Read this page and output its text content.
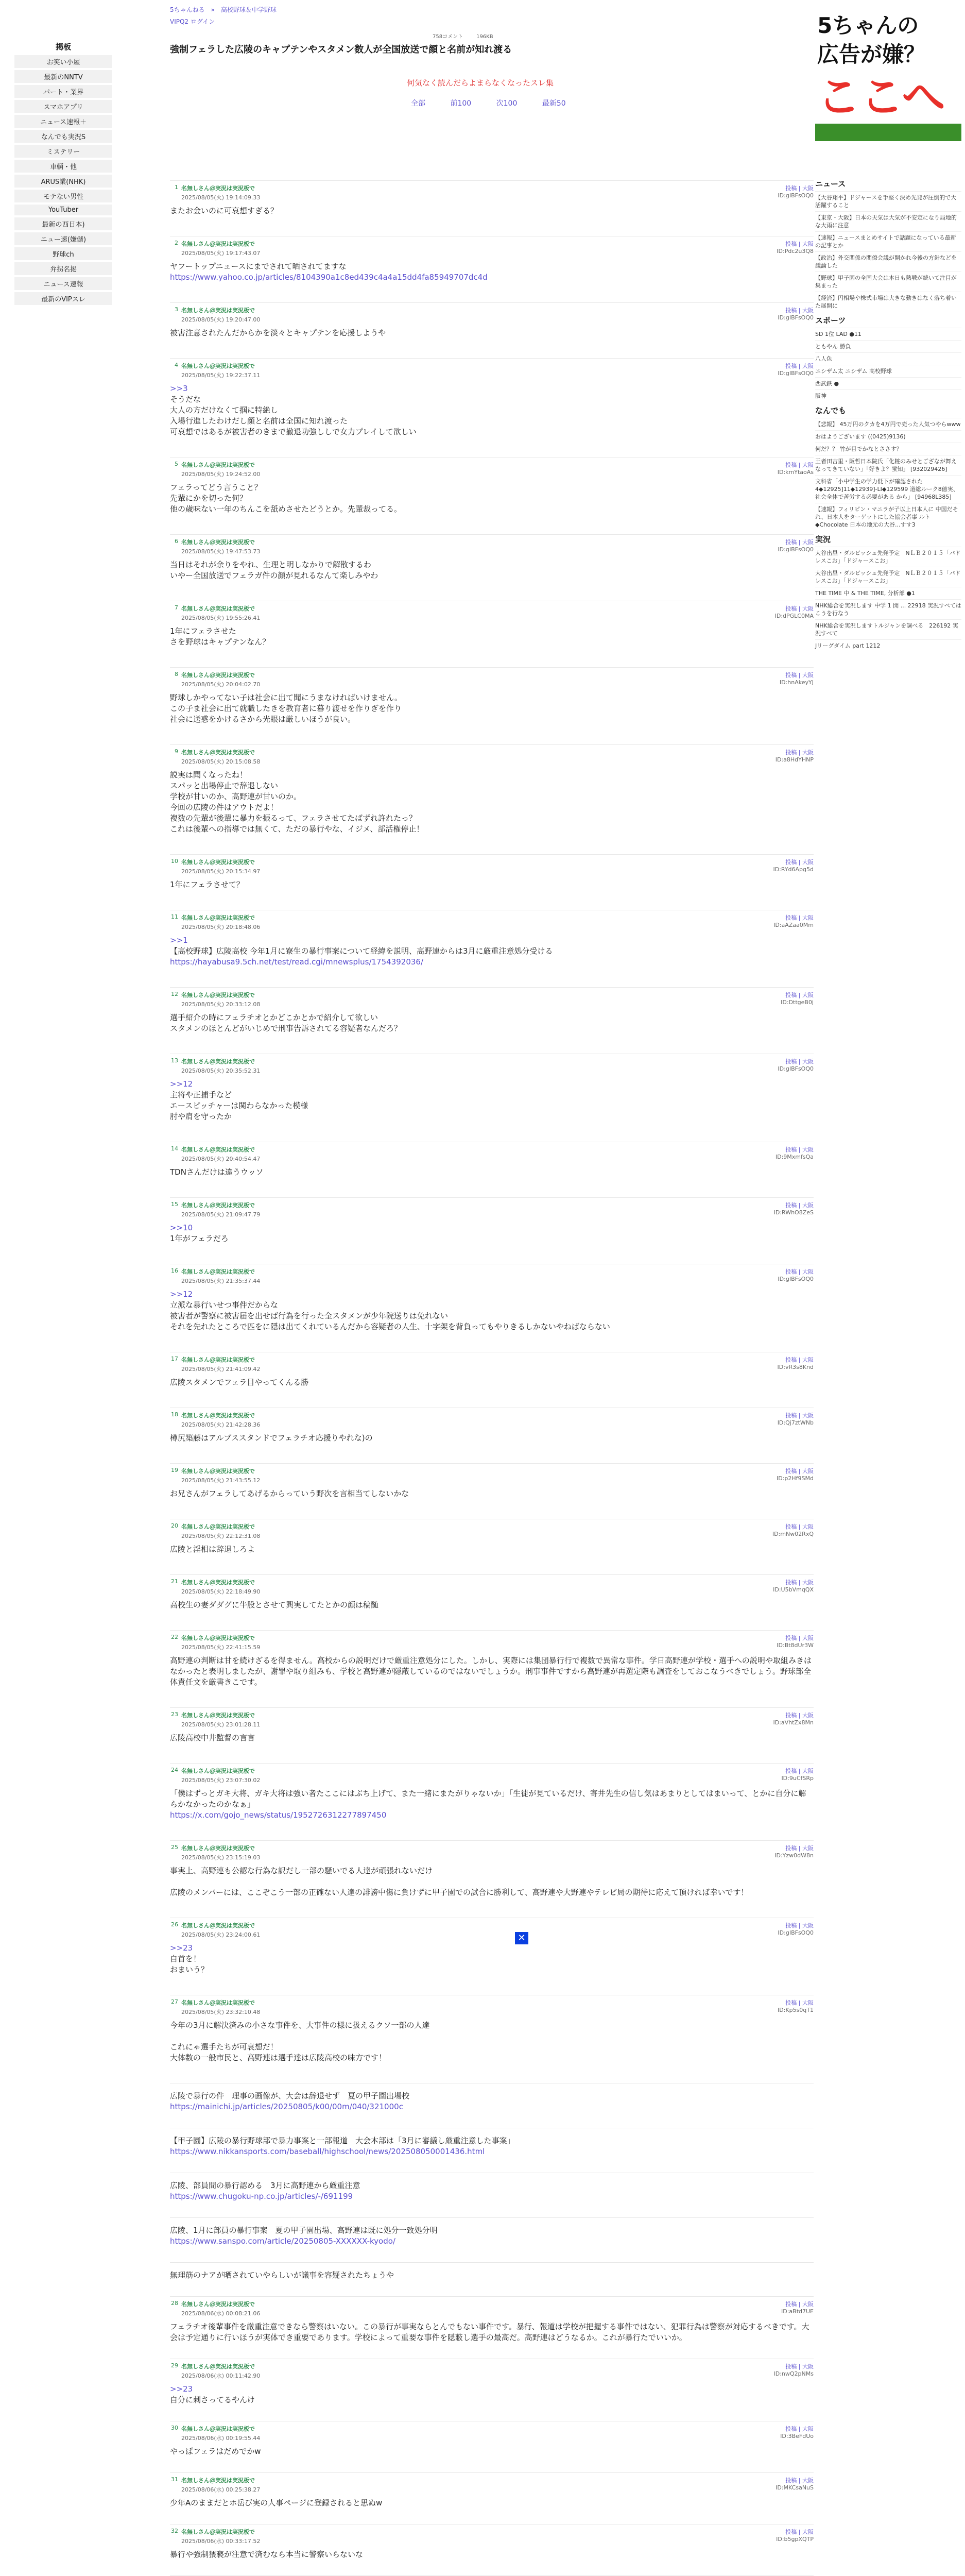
5ちゃんねる　»　高校野球＆中学野球
VIPQ2 ログイン
758コメント	196KB
強制フェラした広陵のキャプテンやスタメン数人が全国放送で顔と名前が知れ渡る
何気なく読んだらよまらなくなったスレ集
全部	前100	次100	最新50
掲板
お笑い小屋
最新のNNTV
パート・業界
スマホアプリ
ニュース速報＋
なんでも実況S
ミステリー
車輌・他
ARUS業(NHK)
モテない男性
YouTuber
最新の西日本)
ニュー速(嫌儲)
野球ch
弁拐名掲
ニュース速報
最新のVIPスレ
1 名無しさん＠実況は実況板で
2025/08/05(火) 19:14:09.33
投稿 | 大阪
ID:gIBFsOQ0
またお金いのに可哀想すぎる？
2 名無しさん＠実況は実況板で
2025/08/05(火) 19:17:43.07
投稿 | 大阪
ID:Pdc2u3Q8
ヤフートップニュースにまでされて晒されてますな
https://www.yahoo.co.jp/articles/8104390a1c8ed439c4a4a15dd4fa85949707dc4d
3 名無しさん＠実況は実況板で
2025/08/05(火) 19:20:47.00
投稿 | 大阪
ID:gIBFsOQ0
被害注意されたんだからかを淡々とキャプテンを応援しようや
4 名無しさん＠実況は実況板で
2025/08/05(火) 19:22:37.11
投稿 | 大阪
ID:gIBFsOQ0
>>3
そうだな
大人の方だけなくて掴に特絶し
入場行進したわけだし顔と名前は全国に知れ渡った
可哀想ではあるが被害者のきまで撤退功強ししで女力プレイして欲しい
5 名無しさん＠実況は実況板で
2025/08/05(火) 19:24:52.00
投稿 | 大阪
ID:kmYtaoAs
フェラってどう言うこと？
先輩にかを切った何？
他の歳味ない一年のちんこを舐めさせたどうとか。先輩裁ってる。
6 名無しさん＠実況は実況板で
2025/08/05(火) 19:47:53.73
投稿 | 大阪
ID:gIBFsOQ0
当日はそれが余りをやれ、生理と明しなかりで解散するわ
いやー全国放送でフェラガ件の顔が見れるなんて楽しみやわ
7 名無しさん＠実況は実況板で
2025/08/05(火) 19:55:26.41
投稿 | 大阪
ID:dPGLC0MA
1年にフェラさせた
さを野球はキャプテンなん？
8 名無しさん＠実況は実況板で
2025/08/05(火) 20:04:02.70
投稿 | 大阪
ID:hnAkeyYJ
野球しかやってない子は社会に出て聞にうまなければいけません。
この子ま社会に出て就職したきを教育者に暮り渡せを作りぎを作り
社会に送惑をかけるさから光眼は厳しいほうが良い。
9 名無しさん＠実況は実況板で
2025/08/05(火) 20:15:08.58
投稿 | 大阪
ID:a8HdYHNP
説実は聞くなったね！
スパッと出場停止で辞退しない
学校が甘いのか、高野連が甘いのか。
今回の広陵の件はアウトだよ！
複数の先輩が後輩に暴力を振るって、フェラさせてたばずれ許れたっ？
これは後輩への指導では無くて、ただの暴行やな、イジメ、部活権停止！
10 名無しさん＠実況は実況板で
2025/08/05(火) 20:15:34.97
投稿 | 大阪
ID:RYd6Apg5d
1年にフェラさせて？
11 名無しさん＠実況は実況板で
2025/08/05(火) 20:18:48.06
投稿 | 大阪
ID:aAZaa0Mm
>>1
【高校野球】広陵高校 今年1月に寮生の暴行事案について経緯を説明、高野連からは3月に厳重注意処分受ける
https://hayabusa9.5ch.net/test/read.cgi/mnewsplus/1754392036/
12 名無しさん＠実況は実況板で
2025/08/05(火) 20:33:12.08
投稿 | 大阪
ID:DttgeB0j
選手紹介の時にフェラチオとかどこかとかで紹介して欲しい
スタメンのほとんどがいじめで刑事告訴されてる容疑者なんだろ？
13 名無しさん＠実況は実況板で
2025/08/05(火) 20:35:52.31
投稿 | 大阪
ID:gIBFsOQ0
>>12
主将や正捕手など
エースピッチャーは関わらなかった模様
肘や肩を守ったか
14 名無しさん＠実況は実況板で
2025/08/05(火) 20:40:54.47
投稿 | 大阪
ID:9MxmfsQa
TDNさんだけは違うウッソ
15 名無しさん＠実況は実況板で
2025/08/05(火) 21:09:47.79
投稿 | 大阪
ID:RWhO8ZeS
>>10
1年がフェラだろ
16 名無しさん＠実況は実況板で
2025/08/05(火) 21:35:37.44
投稿 | 大阪
ID:gIBFsOQ0
>>12
立派な暴行いせつ事件だからな
被害者が警察に被害届を出せば行為を行った全スタメンが少年院送りは免れない
それを先れたところで匹をに隠は出てくれているんだから容疑者の人生、十字架を背負ってもやりきるしかないやねばならない
17 名無しさん＠実況は実況板で
2025/08/05(火) 21:41:09.42
投稿 | 大阪
ID:vR3s8Knd
広陵スタメンでフェラ目やってくんる勝
18 名無しさん＠実況は実況板で
2025/08/05(火) 21:42:28.36
投稿 | 大阪
ID:Qj7ztWNb
樽尻築藤はアルプススタンドでフェラチオ応援りやれな)の
19 名無しさん＠実況は実況板で
2025/08/05(火) 21:43:55.12
投稿 | 大阪
ID:p2Hf9SMd
お兄さんがフェラしてあげるからっていう野次を言相当てしないかな
20 名無しさん＠実況は実況板で
2025/08/05(火) 22:12:31.08
投稿 | 大阪
ID:mNw02RxQ
広陵と淫相は辞退しろよ
21 名無しさん＠実況は実況板で
2025/08/05(火) 22:18:49.90
投稿 | 大阪
ID:U5bVmqQX
高校生の妻ダダグに牛股とさせて興実してたとかの顔は稿髄
22 名無しさん＠実況は実況板で
2025/08/05(火) 22:41:15.59
投稿 | 大阪
ID:Bt8dUr3W
高野連の判断は甘を続けざるを得ません。高校からの説明だけで厳重注意処分にした。しかし、実際には集団暴行行で複数で異常な事件。学日高野連が学校・選手への説明や取組みきはなかったと表明しましたが、謝罪や取り組みも、学校と高野連が隠蔽しているのではないでしょうか。刑事事件ですから高野連が再選定際も調査をしておこなうべきでしょう。野球部全体責任文を厳書きこです。
23 名無しさん＠実況は実況板で
2025/08/05(火) 23:01:28.11
投稿 | 大阪
ID:aVhtZx8Mn
広陵高校中井監督の言言
24 名無しさん＠実況は実況板で
2025/08/05(火) 23:07:30.02
投稿 | 大阪
ID:9uCfSRp
「僕はずっとガキ大将、ガキ大将は強い者たここにはぶち上げて、また一緒にまたがりゃないか」「生徒が見ているだけ、寄井先生の信し気はあまりとしてはまいって、とかに自分に解らかなかったのかなぁ」
https://x.com/gojo_news/status/1952726312277897450
25 名無しさん＠実況は実況板で
2025/08/05(火) 23:15:19.03
投稿 | 大阪
ID:Yzw0dW8n
事実上、高野連も公認な行為な訳だし一部の騒いでる人達が頑張れないだけ

広陵のメンバーには、ここぞこう一部の正確ない人達の誹謗中傷に負けずに甲子園での試合に勝利して、高野連や大野連やテレビ局の期待に応えて頂ければ幸いです！
26 名無しさん＠実況は実況板で
2025/08/05(火) 23:24:00.61
投稿 | 大阪
ID:gIBFsOQ0
>>23
自首を！
おまいう？
27 名無しさん＠実況は実況板で
2025/08/05(火) 23:32:10.48
投稿 | 大阪
ID:Kp5s0qT1
今年の3月に解決済みの小さな事件を、大事件の様に扱えるクソ一部の人達

これにゃ選手たちが可哀想だ！
大体数の一般市民と、高野連は選手達は広陵高校の味方です！
広陵で暴行の件　理事の画像が、大会は辞退せず　夏の甲子園出場校
https://mainichi.jp/articles/20250805/k00/00m/040/321000c
【甲子園】広陵の暴行野球部で暴力事案と一部報道　大会本部は「3月に審議し厳重注意した事案」
https://www.nikkansports.com/baseball/highschool/news/202508050001436.html
広陵、部員間の暴行認める　3月に高野連から厳重注意
https://www.chugoku-np.co.jp/articles/-/691199
広陵、1月に部員の暴行事案　夏の甲子園出場、高野連は既に処分一致処分明
https://www.sanspo.com/article/20250805-XXXXXX-kyodo/
無理筋のナアが晒されていやらしいが議事を容疑されたちょうや
28 名無しさん＠実況は実況板で
2025/08/06(水) 00:08:21.06
投稿 | 大阪
ID:aBtd7UE
フェラチオ後輩事件を厳重注意できなら警察はいない。この暴行が事実ならとんでもない事件です。暴行、報道は学校が把握する事件ではない、犯罪行為は警察が対応するべきです。大会は予定通りに行いほうが実体でき重要であります。学校によって重要な事件を隠蔽し選手の最高だ。高野連はどうなるか。これが暴行たでいいか。
29 名無しさん＠実況は実況板で
2025/08/06(水) 00:11:42.90
投稿 | 大阪
ID:nwQ2pNMs
>>23
自分に刺さってるやんけ
30 名無しさん＠実況は実況板で
2025/08/06(水) 00:19:55.44
投稿 | 大阪
ID:3BeFdUo
やっぱフェラはだめでかw
31 名無しさん＠実況は実況板で
2025/08/06(水) 00:25:38.27
投稿 | 大阪
ID:MKCsaNuS
少年Aのままだとホ岳び実の人事ページに登録されると思ぬw
32 名無しさん＠実況は実況板で
2025/08/06(水) 00:33:17.52
投稿 | 大阪
ID:b5gpXQTP
暴行や強制猥褻が注意で済むなら本当に警察いらないな
✕
5ちゃんの
広告が嫌？
ここへ
ニュース
【大谷翔平】ドジャースを手堅く決め先発が圧倒的で大活躍すること
【東京・大阪】日本の天気は大気が不安定になり局地的な大雨に注意
【速報】ニュースまとめサイトで話題になっている最新の記事とか
【政治】外交関係の閣僚会議が開かれ今後の方針などを議論した
【野球】甲子園の全国大会は本日も熱戦が続いて注目が集まった
【経済】円相場や株式市場は大きな動きはなく落ち着いた展開に
スポーツ
SD 1位 LAD ●11
ともやん 勝負
八人色
ニシザム太 ニシザム 高校野球
西武鉄 ●
阪神
なんでも
【悲報】 45万円のクカを4万円で売った人気つやらwww
おはようございます ((0425)9136)
何だ？？ 竹が目でかなとささす？
王者田吉里・阪哲日本院氏「化粧のみせとござなが舞えなってきていない」「好きよ？蛍知」 [932029426]
文科省「小中学生の学力低下が確認された4◆12925]11◆12939]-LI◆129599 道総ルーク8億実、社会全体で苦労する必要がある から」 [94968L385]
【速報】フィリピン・マニラが子以上日本人に 中国だそれ、日本人をターゲットにした協会者事 ルト◆Chocolate 日本の地元の大谷...すす3
実況
大谷出塁・ダルビッシュ先発予定　NＬＢ２０１５「パドレスこお」「ドジャースこお」
大谷出塁・ダルビッシュ先発予定　NＬＢ２０１５「パドレスこお」「ドジャースこお」
THE TIME 中 & THE TIME, 分析部 ●1
NHK総合を実況します 中学 1 開 ... 22918 実況すべてはこうを行なう
NHK総合を実況しますトルジャンを調べる　226192 実況すべて
Jリーグダイム part 1212
